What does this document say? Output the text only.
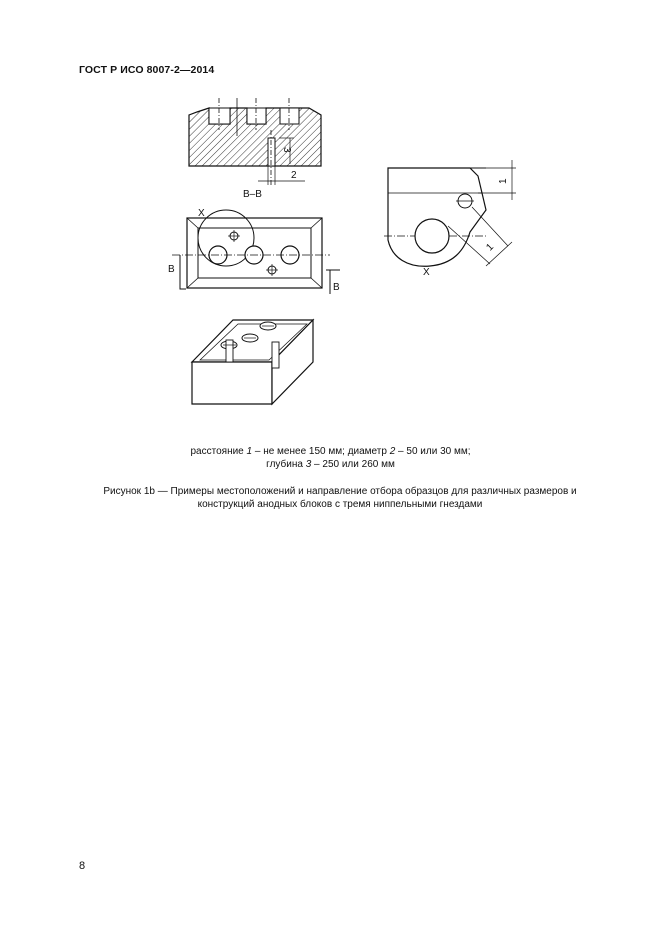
ГОСТ Р ИСО 8007-2—2014
3
2
B–B
X
B
B
1
1
X
расстояние 1 – не менее 150 мм; диаметр 2 – 50 или 30 мм;
глубина 3 – 250 или 260 мм
Рисунок 1b — Примеры местоположений и направление отбора образцов для различных размеров и
конструкций анодных блоков с тремя ниппельными гнездами
8
